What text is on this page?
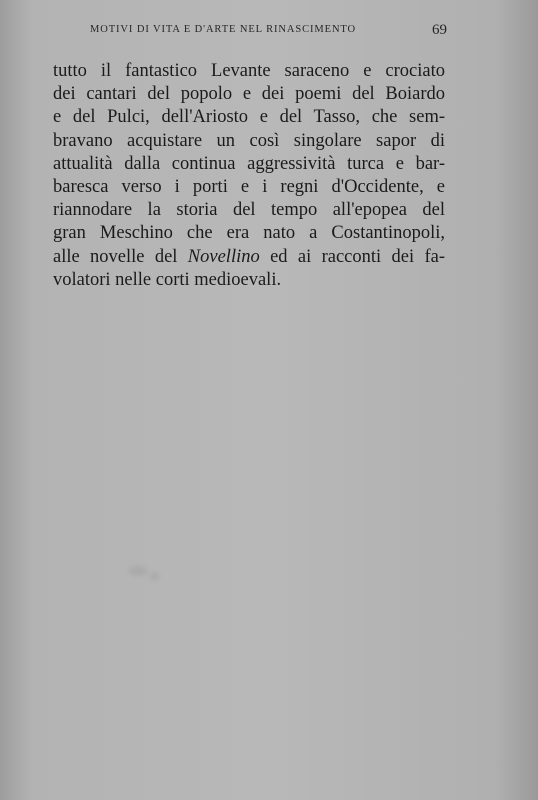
MOTIVI DI VITA E D'ARTE NEL RINASCIMENTO	69
tutto il fantastico Levante saraceno e crociato
dei cantari del popolo e dei poemi del Boiardo
e del Pulci, dell'Ariosto e del Tasso, che sem-
bravano acquistare un così singolare sapor di
attualità dalla continua aggressività turca e bar-
baresca verso i porti e i regni d'Occidente, e
riannodare la storia del tempo all'epopea del
gran Meschino che era nato a Costantinopoli,
alle novelle del Novellino ed ai racconti dei fa-
volatori nelle corti medioevali.
